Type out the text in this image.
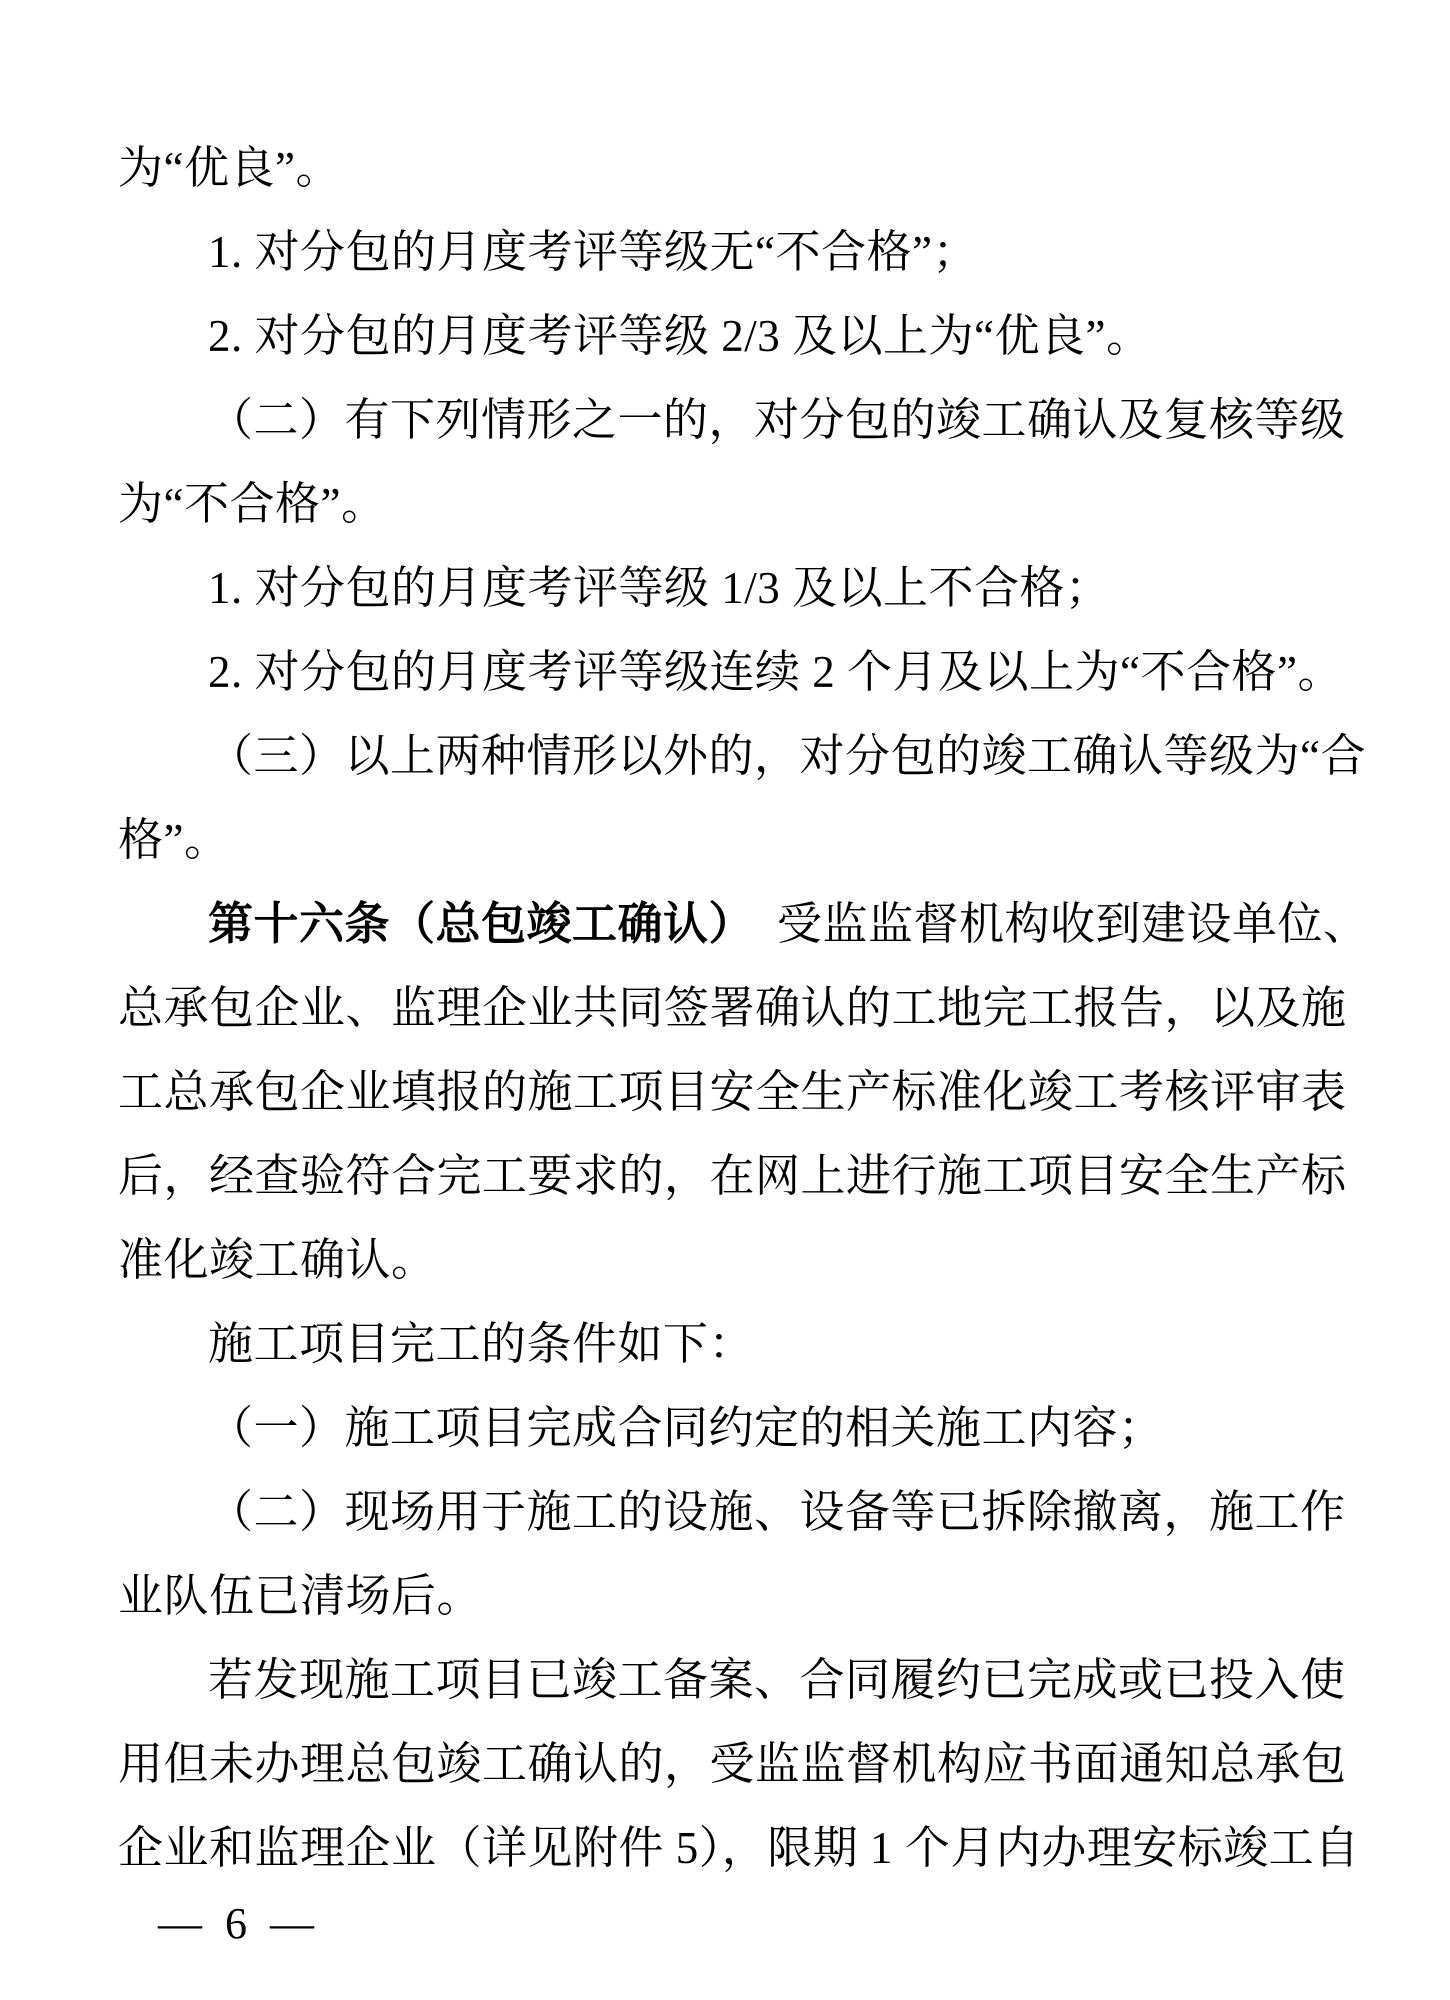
为“优良”。
1. 对分包的月度考评等级无“不合格”；
2. 对分包的月度考评等级 2/3 及以上为“优良”。
（二）有下列情形之一的，对分包的竣工确认及复核等级
为“不合格”。
1. 对分包的月度考评等级 1/3 及以上不合格；
2. 对分包的月度考评等级连续 2 个月及以上为“不合格”。
（三）以上两种情形以外的，对分包的竣工确认等级为“合
格”。
第十六条（总包竣工确认）　受监监督机构收到建设单位、
总承包企业、监理企业共同签署确认的工地完工报告，以及施
工总承包企业填报的施工项目安全生产标准化竣工考核评审表
后，经查验符合完工要求的，在网上进行施工项目安全生产标
准化竣工确认。
施工项目完工的条件如下：
（一）施工项目完成合同约定的相关施工内容；
（二）现场用于施工的设施、设备等已拆除撤离，施工作
业队伍已清场后。
若发现施工项目已竣工备案、合同履约已完成或已投入使
用但未办理总包竣工确认的，受监监督机构应书面通知总承包
企业和监理企业（详见附件 5），限期 1 个月内办理安标竣工自
— 6 —
